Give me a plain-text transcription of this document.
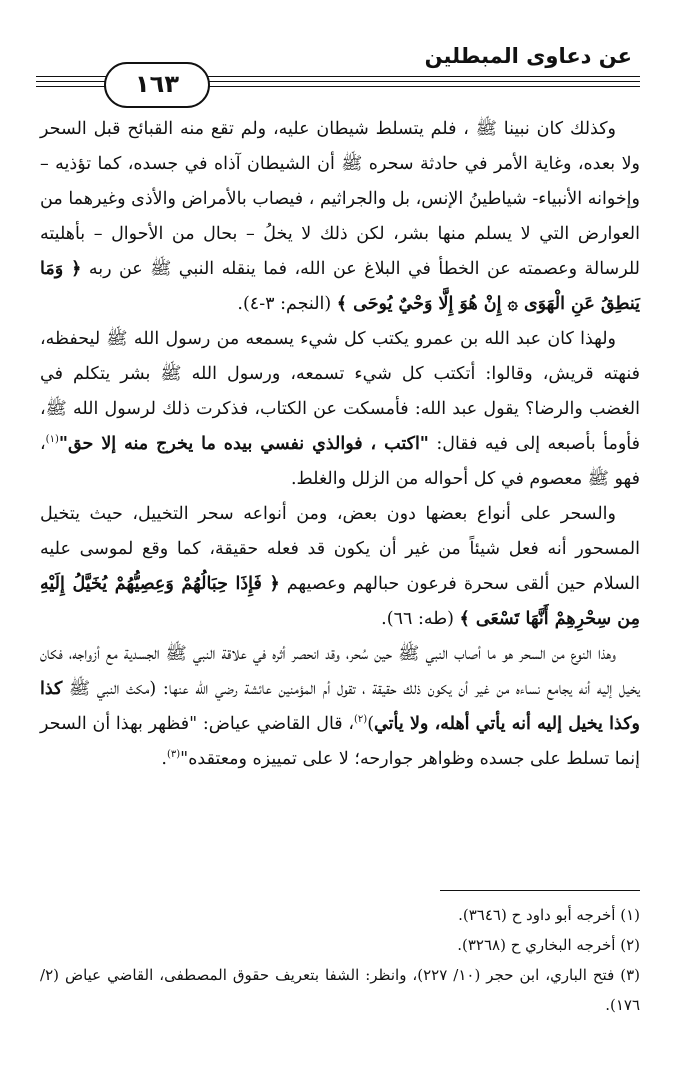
عن دعاوى المبطلين
١٦٣

وكذلك كان نبينا ﷺ ، فلم يتسلط شيطان عليه، ولم تقع منه القبائح قبل السحر ولا بعده، وغاية الأمر في حادثة سحره ﷺ أن الشيطان آذاه في جسده، كما تؤذيه – وإخوانه الأنبياء- شياطينُ الإنس، بل والجراثيم ، فيصاب بالأمراض والأذى وغيرهما من العوارض التي لا يسلم منها بشر، لكن ذلك لا يخلُ – بحال من الأحوال – بأهليته للرسالة وعصمته عن الخطأ في البلاغ عن الله، فما ينقله النبي ﷺ عن ربه ﴿ وَمَا يَنطِقُ عَنِ الْهَوَى ۞ إِنْ هُوَ إِلَّا وَحْيٌ يُوحَى ﴾ (النجم: ٣-٤).

ولهذا كان عبد الله بن عمرو يكتب كل شيء يسمعه من رسول الله ﷺ ليحفظه، فنهته قريش، وقالوا: أتكتب كل شيء تسمعه، ورسول الله ﷺ بشر يتكلم في الغضب والرضا؟ يقول عبد الله: فأمسكت عن الكتاب، فذكرت ذلك لرسول الله ﷺ، فأومأ بأصبعه إلى فيه فقال: "اكتب ، فوالذي نفسي بيده ما يخرج منه إلا حق"$^{(١)}$، فهو ﷺ معصوم في كل أحواله من الزلل والغلط.

والسحر على أنواع بعضها دون بعض، ومن أنواعه سحر التخييل، حيث يتخيل المسحور أنه فعل شيئاً من غير أن يكون قد فعله حقيقة، كما وقع لموسى عليه السلام حين ألقى سحرة فرعون حبالهم وعصيهم ﴿ فَإِذَا حِبَالُهُمْ وَعِصِيُّهُمْ يُخَيَّلُ إِلَيْهِ مِن سِحْرِهِمْ أَنَّهَا تَسْعَى ﴾ (طه: ٦٦).

وهذا النوع من السحر هو ما أصاب النبي ﷺ حين سُحر، وقد انحصر أثره في علاقة النبي ﷺ الجسدية مع أزواجه، فكان يخيل إليه أنه يجامع نساءه من غير أن يكون ذلك حقيقة ، تقول أم المؤمنين عائشة رضي الله عنها: (مكث النبي ﷺ كذا وكذا يخيل إليه أنه يأتي أهله، ولا يأتي)$^{(٢)}$، قال القاضي عياض: "فظهر بهذا أن السحر إنما تسلط على جسده وظواهر جوارحه؛ لا على تمييزه ومعتقده"$^{(٣)}$.

(١) أخرجه أبو داود ح (٣٦٤٦).

(٢) أخرجه البخاري ح (٣٢٦٨).

(٣) فتح الباري، ابن حجر (١٠/ ٢٢٧)، وانظر: الشفا بتعريف حقوق المصطفى، القاضي عياض (٢/ ١٧٦).
